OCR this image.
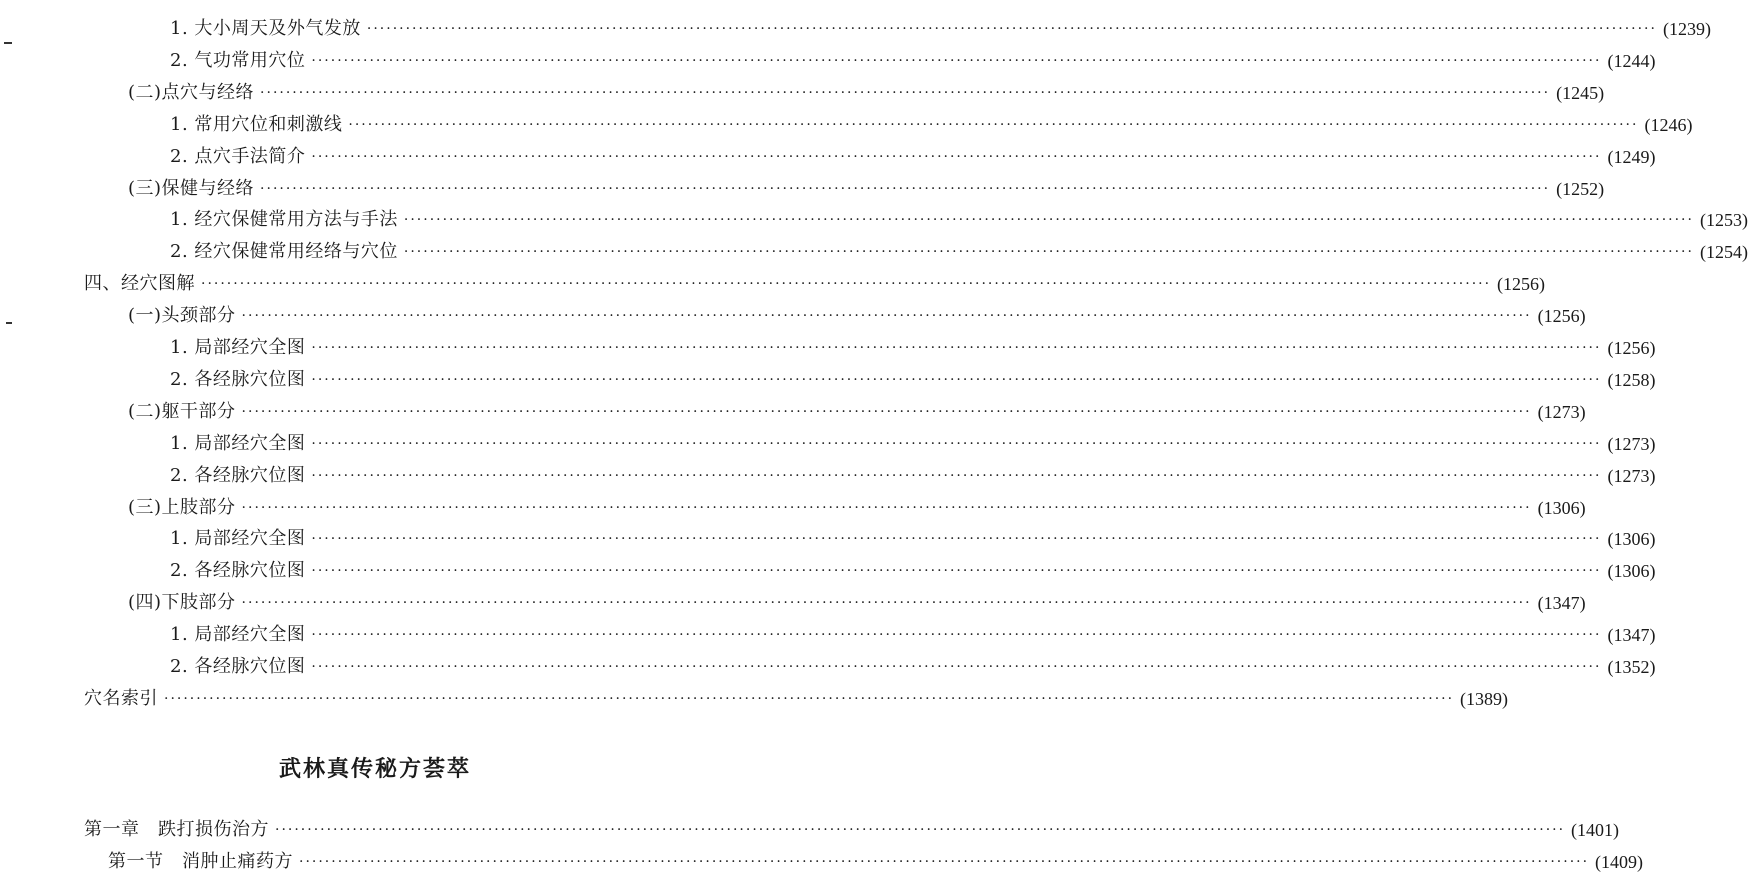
1. 大小周天及外气发放 ········································································································································································································ (1239)
2. 气功常用穴位 ········································································································································································································ (1244)
(二)点穴与经络 ········································································································································································································ (1245)
1. 常用穴位和刺激线 ········································································································································································································ (1246)
2. 点穴手法简介 ········································································································································································································ (1249)
(三)保健与经络 ········································································································································································································ (1252)
1. 经穴保健常用方法与手法 ········································································································································································································ (1253)
2. 经穴保健常用经络与穴位 ········································································································································································································ (1254)
四、经穴图解 ········································································································································································································ (1256)
(一)头颈部分 ········································································································································································································ (1256)
1. 局部经穴全图 ········································································································································································································ (1256)
2. 各经脉穴位图 ········································································································································································································ (1258)
(二)躯干部分 ········································································································································································································ (1273)
1. 局部经穴全图 ········································································································································································································ (1273)
2. 各经脉穴位图 ········································································································································································································ (1273)
(三)上肢部分 ········································································································································································································ (1306)
1. 局部经穴全图 ········································································································································································································ (1306)
2. 各经脉穴位图 ········································································································································································································ (1306)
(四)下肢部分 ········································································································································································································ (1347)
1. 局部经穴全图 ········································································································································································································ (1347)
2. 各经脉穴位图 ········································································································································································································ (1352)
穴名索引 ········································································································································································································ (1389)
武林真传秘方荟萃
第一章　跌打损伤治方 ········································································································································································································ (1401)
第一节　消肿止痛药方 ········································································································································································································ (1409)
